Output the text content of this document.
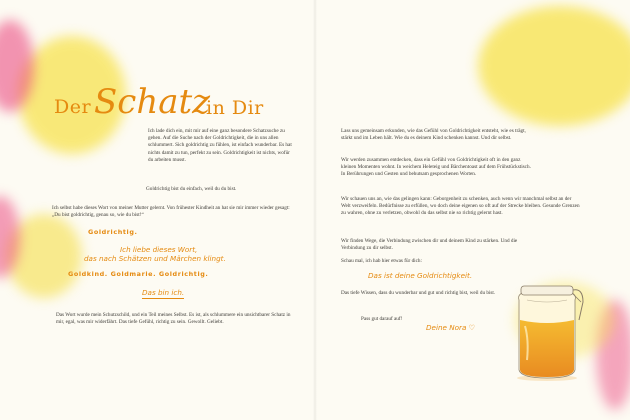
Der Schatz
in Dir

Ich lade dich ein, mit mir auf eine ganz besondere Schatzsuche zu gehen. Auf die Suche nach der Goldrichtigkeit, die in uns allen schlummert. Sich goldrichtig zu fühlen, ist einfach wunderbar. Es hat nichts damit zu tun, perfekt zu sein. Goldrichtigkeit ist nichts, wofür du arbeiten musst.

Goldrichtig bist du einfach, weil du du bist.

Ich selbst habe dieses Wort von meiner Mutter gelernt. Von frühester Kindheit an hat sie mir immer wieder gesagt: „Du bist goldrichtig, genau so, wie du bist!“

Goldrichtig.

Ich liebe dieses Wort,

das nach Schätzen und Märchen klingt.

Goldkind. Goldmarie. Goldrichtig.

Das bin ich.

Das Wort wurde mein Schutzschild, und ein Teil meines Selbst. Es ist, als schlummere ein unsichtbarer Schatz in mir, egal, was mir widerfährt. Das tiefe Gefühl, richtig zu sein. Gewollt. Geliebt.

Lass uns gemeinsam erkunden, wie das Gefühl von Goldrichtigkeit entsteht, wie es trägt, stärkt und im Leben hält. Wie du es deinem Kind schenken kannst. Und dir selbst.

Wir werden zusammen entdecken, dass ein Gefühl von Goldrichtigkeit oft in den ganz kleinen Momenten wohnt. In weichem Heleteig und Bärchentoast auf dem Frühstückstisch. In Berührungen und Gesten und behutsam gesprochenen Worten.

Wir schauen uns an, wie das gelingen kann: Geborgenheit zu schenken, auch wenn wir manchmal selbst an der Welt verzweifeln. Bedürfnisse zu erfüllen, wo doch deine eigenen so oft auf der Strecke bleiben. Gesunde Grenzen zu wahren, ohne zu verletzen, obwohl du das selbst nie so richtig gelernt hast.

Wir finden Wege, die Verbindung zwischen dir und deinem Kind zu stärken. Und die Verbindung zu dir selbst.

Schau mal, ich hab hier etwas für dich:

Das ist deine Goldrichtigkeit.

Das tiefe Wissen, dass du wunderbar und gut und richtig bist, weil du bist.

Pass gut darauf auf!

Deine Nora ♡
